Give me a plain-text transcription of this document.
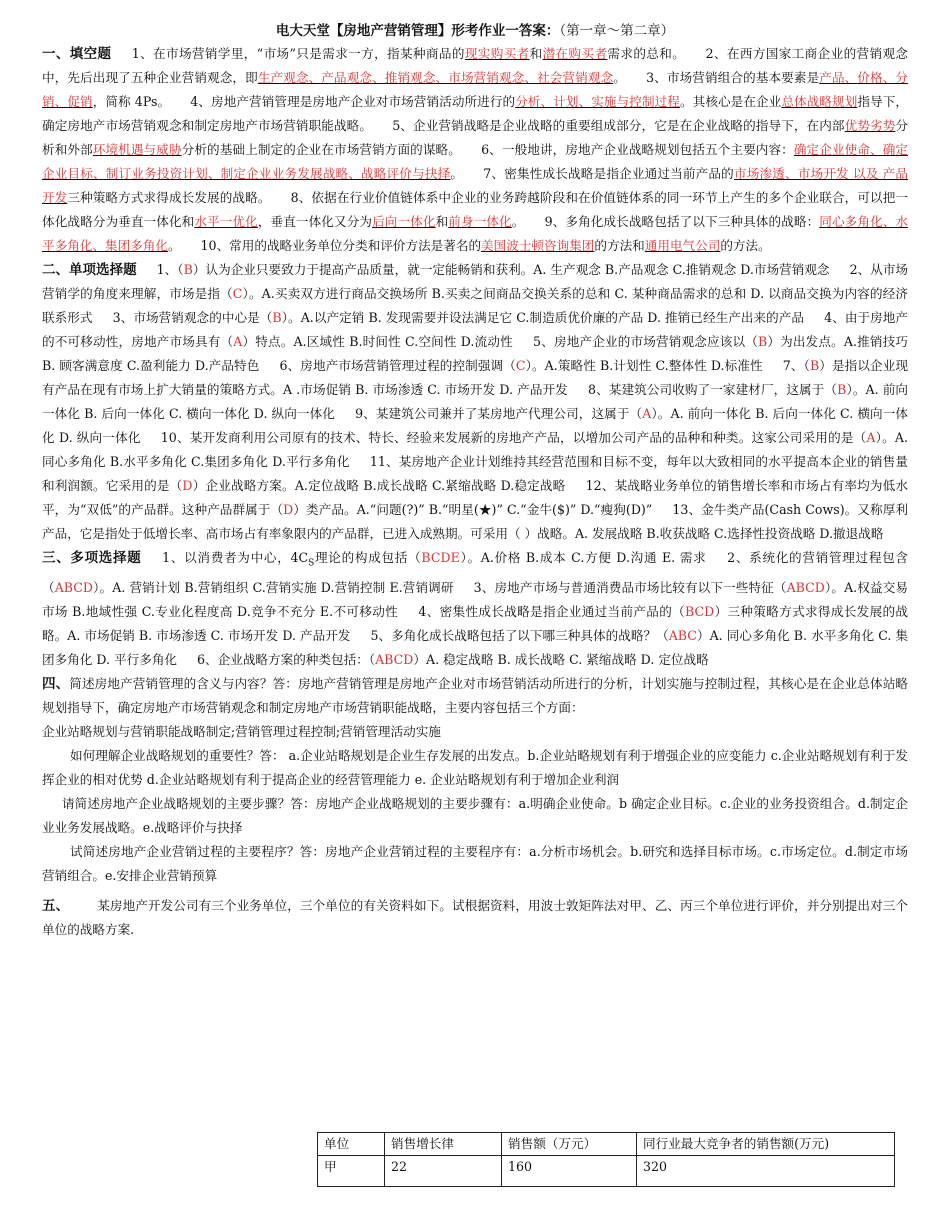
电大天堂【房地产营销管理】形考作业一答案：（第一章～第二章）

一、填空题 1、在市场营销学里，“市场”只是需求一方，指某种商品的现实购买者和潜在购买者需求的总和。 2、在西方国家工商企业的营销观念中，先后出现了五种企业营销观念，即生产观念、产品观念、推销观念、市场营销观念、社会营销观念。 3、市场营销组合的基本要素是产品、价格、分销、促销，简称 4Ps。 4、房地产营销管理是房地产企业对市场营销活动所进行的分析、计划、实施与控制过程。其核心是在企业总体战略规划指导下，确定房地产市场营销观念和制定房地产市场营销职能战略。 5、企业营销战略是企业战略的重要组成部分，它是在企业战略的指导下，在内部优势劣势分析和外部环境机遇与威胁分析的基础上制定的企业在市场营销方面的谋略。 6、一般地讲，房地产企业战略规划包括五个主要内容：确定企业使命、确定企业目标、制订业务投资计划、制定企业业务发展战略、战略评价与抉择。 7、密集性成长战略是指企业通过当前产品的市场渗透、市场开发 以及 产品开发三种策略方式求得成长发展的战略。 8、依据在行业价值链体系中企业的业务跨越阶段和在价值链体系的同一环节上产生的多个企业联合，可以把一体化战略分为垂直一体化和水平一优化，垂直一体化又分为后向一体化和前身一体化。 9、多角化成长战略包括了以下三种具体的战略：同心多角化、水平多角化、集团多角化。 10、常用的战略业务单位分类和评价方法是著名的美国波士顿咨询集团的方法和通用电气公司的方法。

二、单项选择题 1、（B）认为企业只要致力于提高产品质量，就一定能畅销和获利。A. 生产观念 B.产品观念 C.推销观念 D.市场营销观念 2、从市场营销学的角度来理解，市场是指（C）。A.买卖双方进行商品交换场所 B.买卖之间商品交换关系的总和 C. 某种商品需求的总和 D. 以商品交换为内容的经济联系形式 3、市场营销观念的中心是（B）。A.以产定销 B. 发现需要并设法满足它 C.制造质优价廉的产品 D. 推销已经生产出来的产品 4、由于房地产的不可移动性，房地产市场具有（A）特点。A.区域性 B.时间性 C.空间性 D.流动性 5、房地产企业的市场营销观念应该以（B）为出发点。A.推销技巧 B. 顾客满意度 C.盈利能力 D.产品特色 6、房地产市场营销管理过程的控制强调（C）。A.策略性 B.计划性 C.整体性 D.标准性 7、（B）是指以企业现有产品在现有市场上扩大销量的策略方式。A .市场促销 B. 市场渗透 C. 市场开发 D. 产品开发 8、某建筑公司收购了一家建材厂，这属于（B）。A. 前向一体化 B. 后向一体化 C. 横向一体化 D. 纵向一体化 9、某建筑公司兼并了某房地产代理公司，这属于（A）。A. 前向一体化 B. 后向一体化 C. 横向一体化 D. 纵向一体化 10、某开发商利用公司原有的技术、特长、经验来发展新的房地产产品，以增加公司产品的品种和种类。这家公司采用的是（A）。A.同心多角化 B.水平多角化 C.集团多角化 D.平行多角化 11、某房地产企业计划维持其经营范围和目标不变，每年以大致相同的水平提高本企业的销售量和利润额。它采用的是（D）企业战略方案。A.定位战略 B.成长战略 C.紧缩战略 D.稳定战略 12、某战略业务单位的销售增长率和市场占有率均为低水平，为“双低”的产品群。这种产品群属于（D）类产品。A.“问题(?)” B.“明星(★)” C.“金牛($)” D.“瘦狗(D)” 13、金牛类产品(Cash Cows)。又称厚利产品，它是指处于低增长率、高市场占有率象限内的产品群，已进入成熟期。可采用（ ）战略。A. 发展战略 B.收获战略 C.选择性投资战略 D.撤退战略

三、多项选择题 1、以消费者为中心，$4C_S$理论的构成包括（BCDE）。A.价格 B.成本 C.方便 D.沟通 E. 需求 2、系统化的营销管理过程包含（ABCD）。A. 营销计划 B.营销组织 C.营销实施 D.营销控制 E.营销调研 3、房地产市场与普通消费品市场比较有以下一些特征（ABCD）。A.权益交易市场 B.地域性强 C.专业化程度高 D.竞争不充分 E.不可移动性 4、密集性成长战略是指企业通过当前产品的（BCD）三种策略方式求得成长发展的战略。A. 市场促销 B. 市场渗透 C. 市场开发 D. 产品开发 5、多角化成长战略包括了以下哪三种具体的战略？（ABC）A. 同心多角化 B. 水平多角化 C. 集团多角化 D. 平行多角化 6、企业战略方案的种类包括：（ABCD）A. 稳定战略 B. 成长战略 C. 紧缩战略 D. 定位战略

四、简述房地产营销管理的含义与内容？答：房地产营销管理是房地产企业对市场营销活动所进行的分析，计划实施与控制过程，其核心是在企业总体站略规划指导下，确定房地产市场营销观念和制定房地产市场营销职能战略，主要内容包括三个方面：

企业站略规划与营销职能战略制定;营销管理过程控制;营销管理活动实施

如何理解企业战略规划的重要性？答： a.企业站略规划是企业生存发展的出发点。b.企业站略规划有利于增强企业的应变能力 c.企业站略规划有利于发挥企业的相对优势 d.企业站略规划有利于提高企业的经营管理能力 e. 企业站略规划有利于增加企业利润

请简述房地产企业战略规划的主要步骤？答：房地产企业战略规划的主要步骤有：a.明确企业使命。b 确定企业目标。c.企业的业务投资组合。d.制定企业业务发展战略。e.战略评价与抉择

试简述房地产企业营销过程的主要程序？答：房地产企业营销过程的主要程序有：a.分析市场机会。b.研究和选择目标市场。c.市场定位。d.制定市场营销组合。e.安排企业营销预算

五、 某房地产开发公司有三个业务单位，三个单位的有关资料如下。试根据资料，用波士敦矩阵法对甲、乙、丙三个单位进行评价，并分别提出对三个单位的战略方案.

单位	销售增长律	销售额（万元）	同行业最大竞争者的销售额(万元)
甲	22	160	320
